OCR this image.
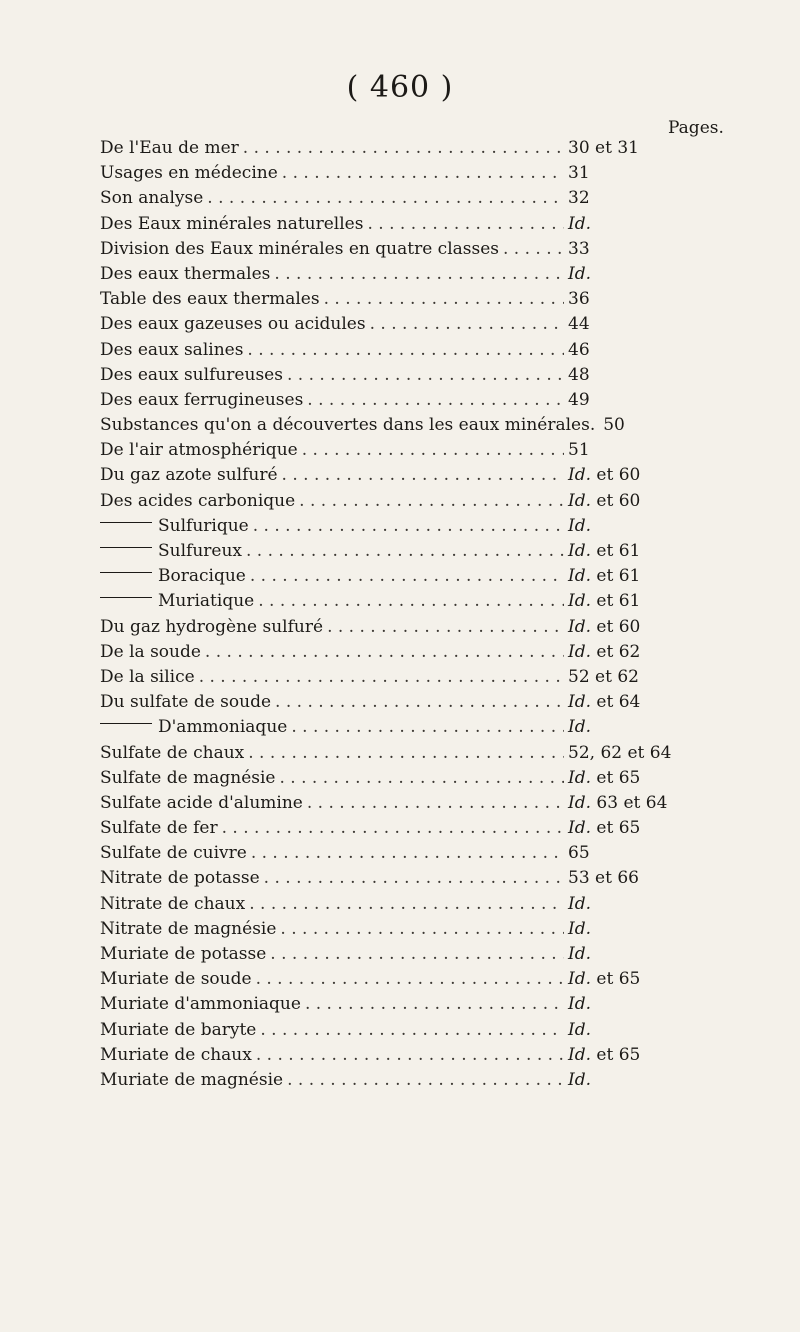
( 460 )
Pages.
De l'Eau de mer . . .	30 et 31
Usages en médecine . . .	31
Son analyse . . .	32
Des Eaux minérales naturelles . . .	Id.
Division des Eaux minérales en quatre classes . . .	33
Des eaux thermales . . .	Id.
Table des eaux thermales . . .	36
Des eaux gazeuses ou acidules . . .	44
Des eaux salines . . .	46
Des eaux sulfureuses . . .	48
Des eaux ferrugineuses . . .	49
Substances qu'on a découvertes dans les eaux minérales. 50
De l'air atmosphérique . . .	51
Du gaz azote sulfuré . . .	Id. et 60
Des acides carbonique . . .	Id. et 60
Sulfurique . . .	Id.
Sulfureux . . .	Id. et 61
Boracique . . .	Id. et 61
Muriatique . . .	Id. et 61
Du gaz hydrogène sulfuré . . .	Id. et 60
De la soude . . .	Id. et 62
De la silice . . .	52 et 62
Du sulfate de soude . . .	Id. et 64
D'ammoniaque . . .	Id.
Sulfate de chaux . . .	52, 62 et 64
Sulfate de magnésie . . .	Id. et 65
Sulfate acide d'alumine . . .	Id. 63 et 64
Sulfate de fer . . .	Id. et 65
Sulfate de cuivre . . .	65
Nitrate de potasse . . .	53 et 66
Nitrate de chaux . . .	Id.
Nitrate de magnésie . . .	Id.
Muriate de potasse . . .	Id.
Muriate de soude . . .	Id. et 65
Muriate d'ammoniaque . . .	Id.
Muriate de baryte . . .	Id.
Muriate de chaux . . .	Id. et 65
Muriate de magnésie . . .	Id.
